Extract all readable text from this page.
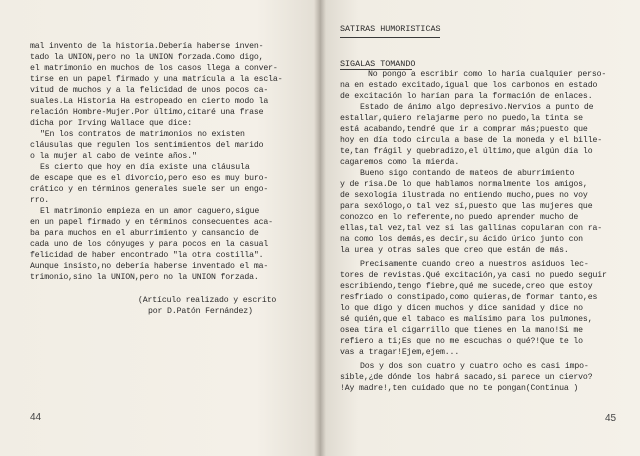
mal invento de la historia.Debería haberse inven-
tado la UNION,pero no la UNION forzada.Como digo,
el matrimonio en muchos de los casos llega a conver-
tirse en un papel firmado y una matrícula a la escla-
vitud de muchos y a la felicidad de unos pocos ca-
suales.La Historia Ha estropeado en cierto modo la
relación Hombre-Mujer.Por último,citaré una frase
dicha por Irving Wallace que dice:
"En los contratos de matrimonios no existen
cláusulas que regulen los sentimientos del marido
o la mujer al cabo de veinte años."
Es cierto que hoy en día existe una cláusula
de escape que es el divorcio,pero eso es muy buro-
crático y en términos generales suele ser un engo-
rro.
El matrimonio empieza en un amor caguero,sigue
en un papel firmado y en términos consecuentes aca-
ba para muchos en el aburrimiento y cansancio de
cada uno de los cónyuges y para pocos en la casual
felicidad de haber encontrado "la otra costilla".
Aunque insisto,no debería haberse inventado el ma-
trimonio,sino la UNION,pero no la UNION forzada.
(Artículo realizado y escrito
por D.Patón Fernández)
44
SATIRAS HUMORISTICAS
SIGALAS TOMANDO
No pongo a escribir como lo haría cualquier perso-
na en estado excitado,igual que los carbonos en estado
de excitación lo harían para la formación de enlaces.
Estado de ánimo algo depresivo.Nervios a punto de
estallar,quiero relajarme pero no puedo,la tinta se
está acabando,tendré que ir a comprar más;puesto que
hoy en día todo circula a base de la moneda y el bille-
te,tan frágil y quebradizo,el último,que algún día lo
cagaremos como la mierda.
Bueno sigo contando de mateos de aburrimiento
y de risa.De lo que hablamos normalmente los amigos,
de sexología ilustrada no entiendo mucho,pues no voy
para sexólogo,o tal vez sí,puesto que las mujeres que
conozco en lo referente,no puedo aprender mucho de
ellas,tal vez,tal vez si las gallinas copularan con ra-
na como los demás,es decir,su ácido úrico junto con
la urea y otras sales que creo que están de más.
Precisamente cuando creo a nuestros asiduos lec-
tores de revistas.Qué excitación,ya casi no puedo seguir
escribiendo,tengo fiebre,qué me sucede,creo que estoy
resfriado o constipado,como quieras,de formar tanto,es
lo que digo y dicen muchos y dice sanidad y dice no
sé quién,que el tabaco es malísimo para los pulmones,
osea tira el cigarrillo que tienes en la mano!Si me
refiero a ti;Es que no me escuchas o qué?!Que te lo
vas a tragar!Ejem,ejem...
Dos y dos son cuatro y cuatro ocho es casi impo-
sible,¿de dónde los habrá sacado,si parece un ciervo?
!Ay madre!,ten cuidado que no te pongan(Continua )
45
